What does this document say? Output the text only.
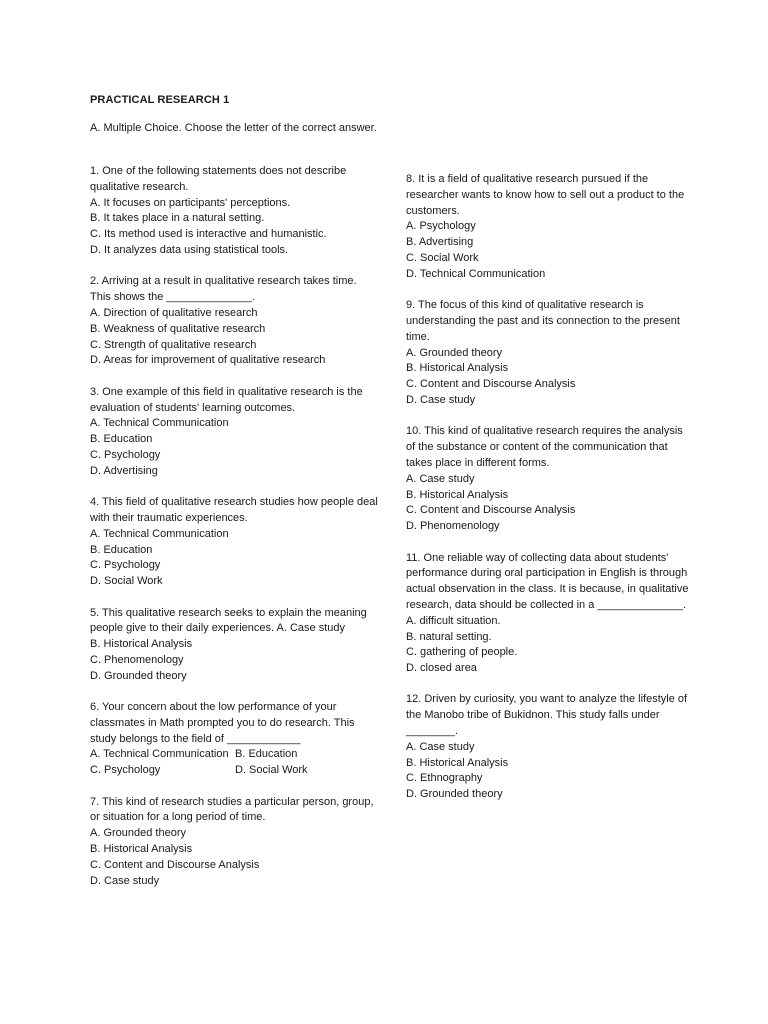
PRACTICAL RESEARCH 1
A. Multiple Choice. Choose the letter of the correct answer.

1. One of the following statements does not describe qualitative research.

A. It focuses on participants' perceptions.
B. It takes place in a natural setting.
C. Its method used is interactive and humanistic.
D. It analyzes data using statistical tools.

2. Arriving at a result in qualitative research takes time. This shows the ______________.

A. Direction of qualitative research
B. Weakness of qualitative research
C. Strength of qualitative research
D. Areas for improvement of qualitative research

3. One example of this field in qualitative research is the evaluation of students' learning outcomes.

A. Technical Communication
B. Education
C. Psychology
D. Advertising

4. This field of qualitative research studies how people deal with their traumatic experiences.

A. Technical Communication
B. Education
C. Psychology
D. Social Work

5. This qualitative research seeks to explain the meaning people give to their daily experiences. A. Case study

B. Historical Analysis
C. Phenomenology
D. Grounded theory

6. Your concern about the low performance of your classmates in Math prompted you to do research. This study belongs to the field of ____________

A. Technical Communication B. Education
C. Psychology	D. Social Work

7. This kind of research studies a particular person, group, or situation for a long period of time.

A. Grounded theory
B. Historical Analysis
C. Content and Discourse Analysis
D. Case study

8. It is a field of qualitative research pursued if the researcher wants to know how to sell out a product to the customers.

A. Psychology
B. Advertising
C. Social Work
D. Technical Communication

9. The focus of this kind of qualitative research is understanding the past and its connection to the present time.

A. Grounded theory
B. Historical Analysis
C. Content and Discourse Analysis
D. Case study

10. This kind of qualitative research requires the analysis of the substance or content of the communication that takes place in different forms.

A. Case study
B. Historical Analysis
C. Content and Discourse Analysis
D. Phenomenology

11. One reliable way of collecting data about students' performance during oral participation in English is through actual observation in the class. It is because, in qualitative research, data should be collected in a ______________.

A. difficult situation.
B. natural setting.
C. gathering of people.
D. closed area

12. Driven by curiosity, you want to analyze the lifestyle of the Manobo tribe of Bukidnon. This study falls under ________.

A. Case study
B. Historical Analysis
C. Ethnography
D. Grounded theory
